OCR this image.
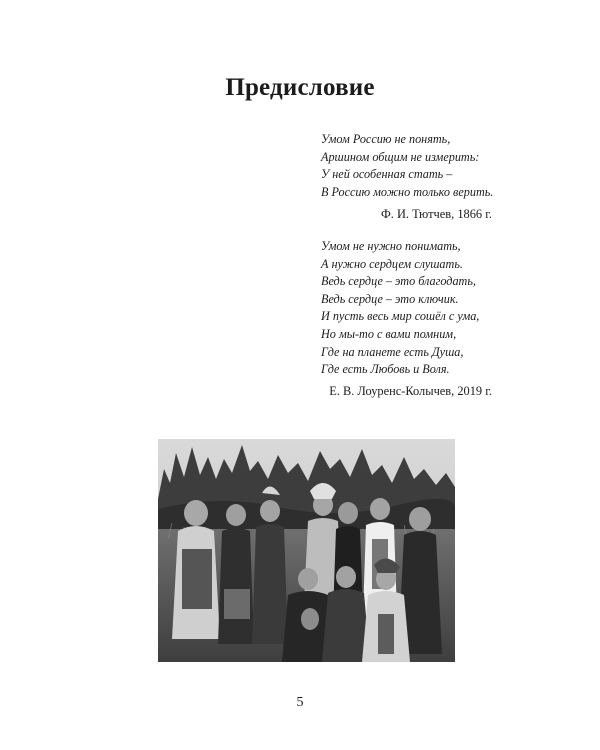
Предисловие
Умом Россию не понять,
Аршином общим не измерить:
У ней особенная стать –
В Россию можно только верить.
Ф. И. Тютчев, 1866 г.
Умом не нужно понимать,
А нужно сердцем слушать.
Ведь сердце – это благодать,
Ведь сердце – это ключик.
И пусть весь мир сошёл с ума,
Но мы-то с вами помним,
Где на планете есть Душа,
Где есть Любовь и Воля.
Е. В. Лоуренс-Колычев, 2019 г.
5
